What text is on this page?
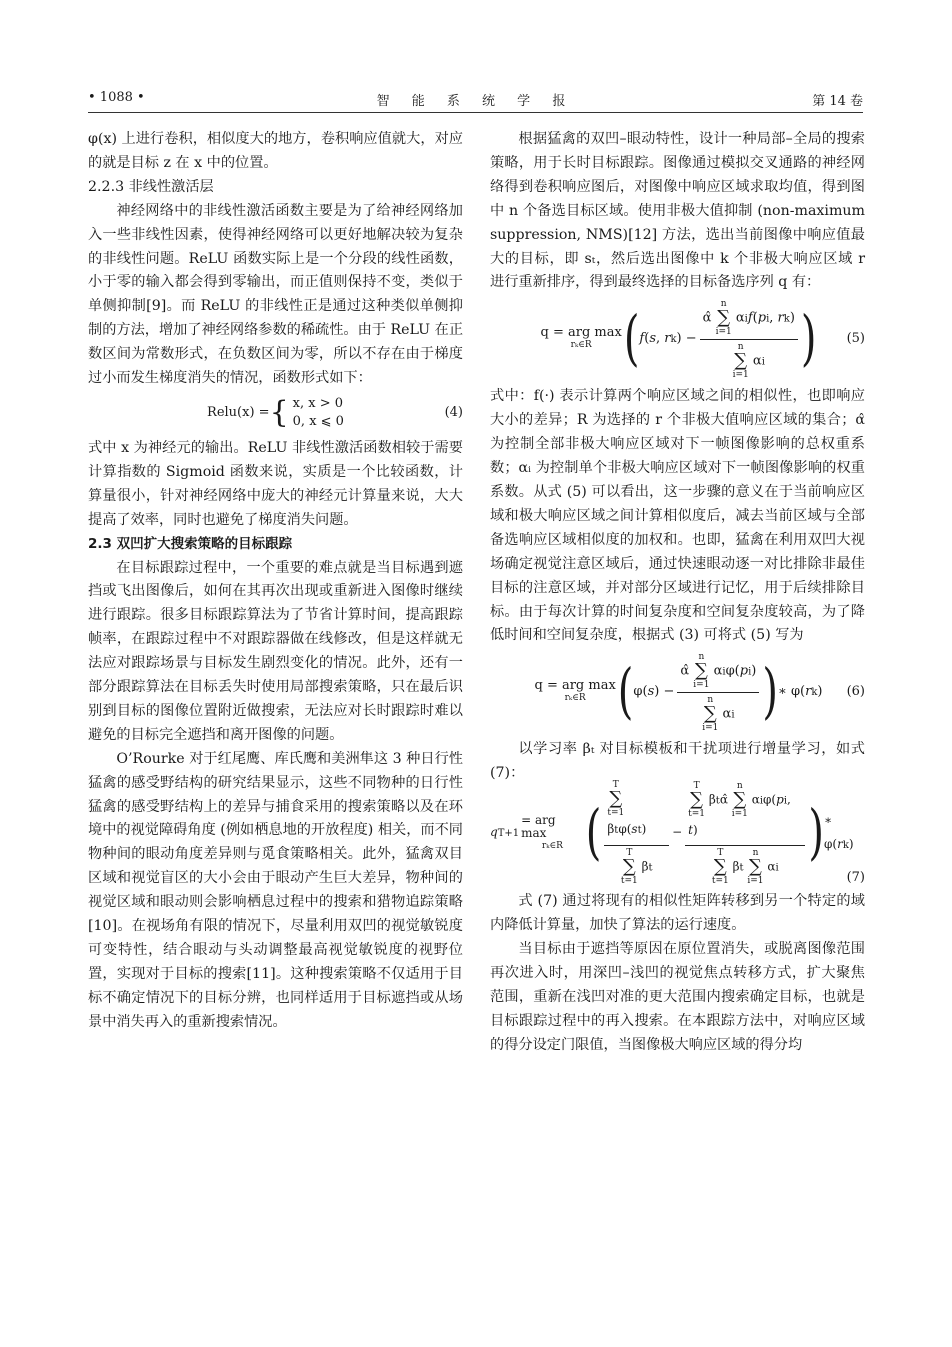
• 1088 •	智 能 系 统 学 报	第 14 卷

φ(x) 上进行卷积，相似度大的地方，卷积响应值就大，对应的就是目标 z 在 x 中的位置。

2.2.3 非线性激活层

神经网络中的非线性激活函数主要是为了给神经网络加入一些非线性因素，使得神经网络可以更好地解决较为复杂的非线性问题。ReLU 函数实际上是一个分段的线性函数，小于零的输入都会得到零输出，而正值则保持不变，类似于单侧抑制[9]。而 ReLU 的非线性正是通过这种类似单侧抑制的方法，增加了神经网络参数的稀疏性。由于 ReLU 在正数区间为常数形式，在负数区间为零，所以不存在由于梯度过小而发生梯度消失的情况，函数形式如下：

Relu(x) = { x, x > 0
0, x ⩽ 0
(4)

式中 x 为神经元的输出。ReLU 非线性激活函数相较于需要计算指数的 Sigmoid 函数来说，实质是一个比较函数，计算量很小，针对神经网络中庞大的神经元计算量来说，大大提高了效率，同时也避免了梯度消失问题。

2.3 双凹扩大搜索策略的目标跟踪

在目标跟踪过程中，一个重要的难点就是当目标遇到遮挡或飞出图像后，如何在其再次出现或重新进入图像时继续进行跟踪。很多目标跟踪算法为了节省计算时间，提高跟踪帧率，在跟踪过程中不对跟踪器做在线修改，但是这样就无法应对跟踪场景与目标发生剧烈变化的情况。此外，还有一部分跟踪算法在目标丢失时使用局部搜索策略，只在最后识别到目标的图像位置附近做搜索，无法应对长时跟踪时难以避免的目标完全遮挡和离开图像的问题。

O’Rourke 对于红尾鹰、库氏鹰和美洲隼这 3 种日行性猛禽的感受野结构的研究结果显示，这些不同物种的日行性猛禽的感受野结构上的差异与捕食采用的搜索策略以及在环境中的视觉障碍角度 (例如栖息地的开放程度) 相关，而不同物种间的眼动角度差异则与觅食策略相关。此外，猛禽双目区域和视觉盲区的大小会由于眼动产生巨大差异，物种间的视觉区域和眼动则会影响栖息过程中的搜索和猎物追踪策略[10]。在视场角有限的情况下，尽量利用双凹的视觉敏锐度可变特性，结合眼动与头动调整最高视觉敏锐度的视野位置，实现对于目标的搜索[11]。这种搜索策略不仅适用于目标不确定情况下的目标分辨，也同样适用于目标遮挡或从场景中消失再入的重新搜索情况。

根据猛禽的双凹–眼动特性，设计一种局部–全局的搜索策略，用于长时目标跟踪。图像通过模拟交叉通路的神经网络得到卷积响应图后，对图像中响应区域求取均值，得到图中 n 个备选目标区域。使用非极大值抑制 (non-maximum suppression, NMS)[12] 方法，选出当前图像中响应值最大的目标，即 sₜ，然后选出图像中 k 个非极大响应区域 r 进行重新排序，得到最终选择的目标备选序列 q 有：

q = arg max
rₖ∈R ( f(s, rk) − α̂
n
∑
i=1
αif(pi, rk)
n
∑
i=1
αi ) (5)

式中：f(·) 表示计算两个响应区域之间的相似性，也即响应大小的差异；R 为选择的 r 个非极大值响应区域的集合；α̂ 为控制全部非极大响应区域对下一帧图像影响的总权重系数；αᵢ 为控制单个非极大响应区域对下一帧图像影响的权重系数。从式 (5) 可以看出，这一步骤的意义在于当前响应区域和极大响应区域之间计算相似度后，减去当前区域与全部备选响应区域相似度的加权和。也即，猛禽在利用双凹大视场确定视觉注意区域后，通过快速眼动逐一对比排除非最佳目标的注意区域，并对部分区域进行记忆，用于后续排除目标。由于每次计算的时间复杂度和空间复杂度较高，为了降低时间和空间复杂度，根据式 (3) 可将式 (5) 写为

q = arg max
rₖ∈R ( φ(s) − α̂
n
∑
i=1
αiφ(pi)
n
∑
i=1
αi ) ∗ φ(rk) (6)

以学习率 βₜ 对目标模板和干扰项进行增量学习，如式 (7)：

qT+1
= arg max
rₖ∈R ( T
∑
t=1
βtφ(st)
T
∑
t=1
βt − T
∑
t=1
βtα̂
n
∑
i=1
αiφ(pi, t)
T
∑
t=1
βt
n
∑
i=1
αi ) ∗ φ(rk)
(7)

式 (7) 通过将现有的相似性矩阵转移到另一个特定的域内降低计算量，加快了算法的运行速度。

当目标由于遮挡等原因在原位置消失，或脱离图像范围再次进入时，用深凹–浅凹的视觉焦点转移方式，扩大聚焦范围，重新在浅凹对准的更大范围内搜索确定目标，也就是目标跟踪过程中的再入搜索。在本跟踪方法中，对响应区域的得分设定门限值，当图像极大响应区域的得分均
